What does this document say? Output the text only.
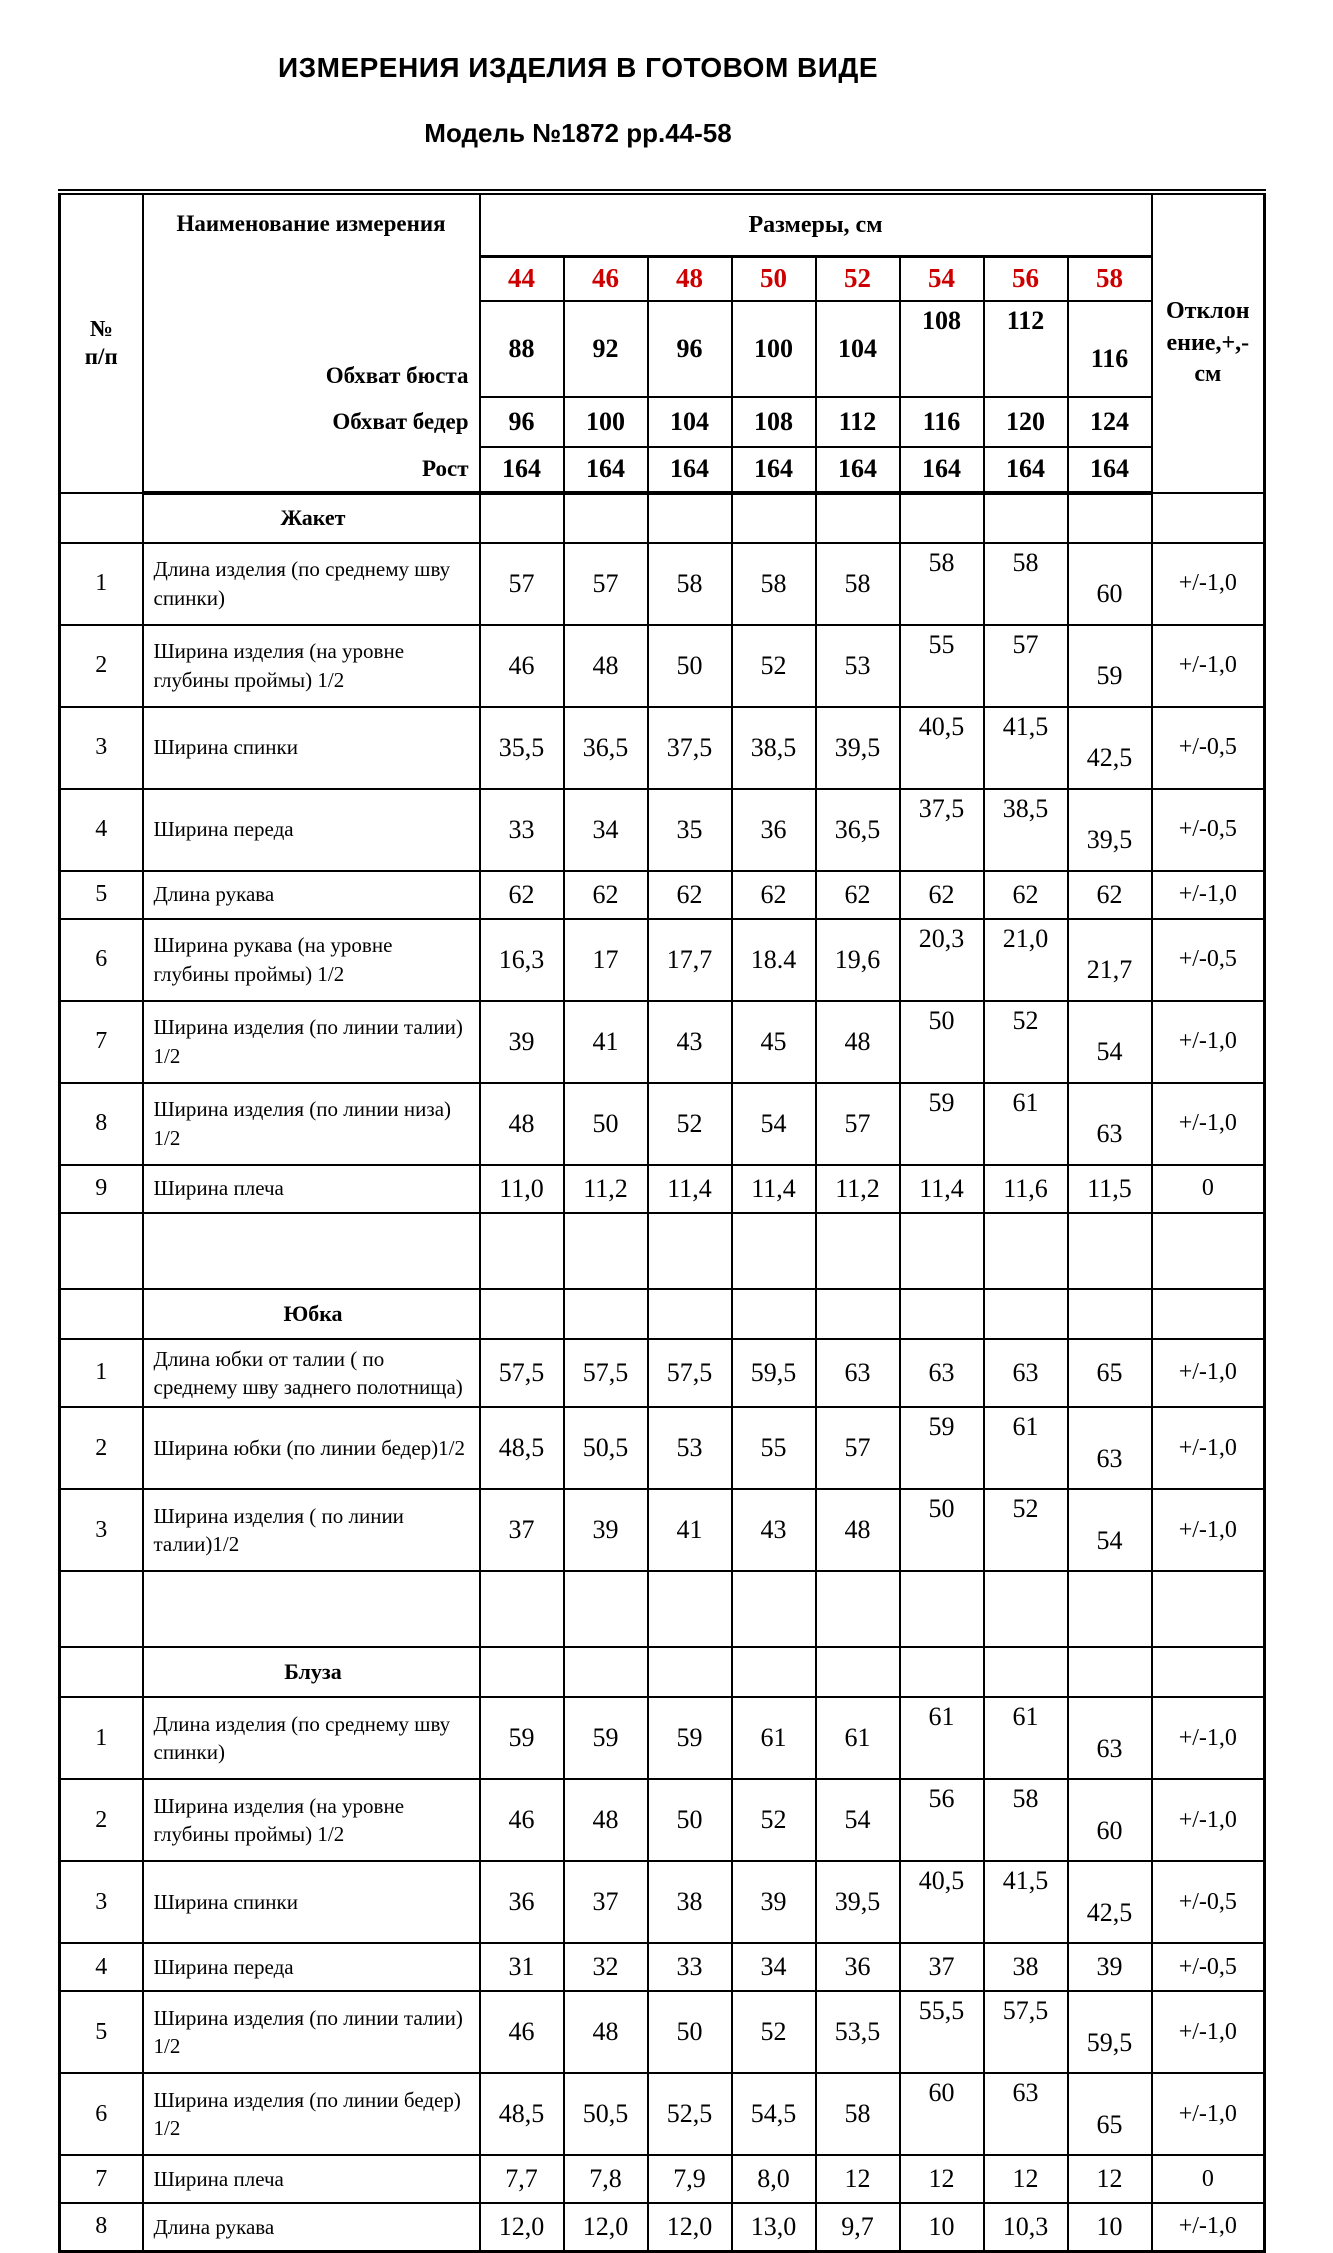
ИЗМЕРЕНИЯ ИЗДЕЛИЯ В ГОТОВОМ ВИДЕ
Модель №1872 рр.44-58
№
п/п
	Наименование измерения	Размеры, см	
Отклон
ение,+,-
см

		44	46	48	50	52	54	56	58	
	Обхват бюста	88	92	96	100	104	108	112	116	
	Обхват бедер	96	100	104	108	112	116	120	124	
	Рост	164	164	164	164	164	164	164	164	
	Жакет									
1	Длина изделия (по среднему шву спинки)	57	57	58	58	58	58	58	60	+/-1,0
2	Ширина изделия (на уровне глубины проймы) 1/2	46	48	50	52	53	55	57	59	+/-1,0
3	Ширина спинки	35,5	36,5	37,5	38,5	39,5	40,5	41,5	42,5	+/-0,5
4	Ширина переда	33	34	35	36	36,5	37,5	38,5	39,5	+/-0,5
5	Длина рукава	62	62	62	62	62	62	62	62	+/-1,0
6	Ширина рукава (на уровне глубины проймы) 1/2	16,3	17	17,7	18.4	19,6	20,3	21,0	21,7	+/-0,5
7	Ширина изделия (по линии талии) 1/2	39	41	43	45	48	50	52	54	+/-1,0
8	Ширина изделия (по линии низа) 1/2	48	50	52	54	57	59	61	63	+/-1,0
9	Ширина плеча	11,0	11,2	11,4	11,4	11,2	11,4	11,6	11,5	0

	Юбка									
1	Длина юбки от талии ( по среднему шву заднего полотнища)	57,5	57,5	57,5	59,5	63	63	63	65	+/-1,0
2	Ширина юбки (по линии бедер)1/2	48,5	50,5	53	55	57	59	61	63	+/-1,0
3	Ширина изделия ( по линии талии)1/2	37	39	41	43	48	50	52	54	+/-1,0

	Блуза									
1	Длина изделия (по среднему шву спинки)	59	59	59	61	61	61	61	63	+/-1,0
2	Ширина изделия (на уровне глубины проймы) 1/2	46	48	50	52	54	56	58	60	+/-1,0
3	Ширина спинки	36	37	38	39	39,5	40,5	41,5	42,5	+/-0,5
4	Ширина переда	31	32	33	34	36	37	38	39	+/-0,5
5	Ширина изделия (по линии талии) 1/2	46	48	50	52	53,5	55,5	57,5	59,5	+/-1,0
6	Ширина изделия (по линии бедер) 1/2	48,5	50,5	52,5	54,5	58	60	63	65	+/-1,0
7	Ширина плеча	7,7	7,8	7,9	8,0	12	12	12	12	0
8	Длина рукава	12,0	12,0	12,0	13,0	9,7	10	10,3	10	+/-1,0
